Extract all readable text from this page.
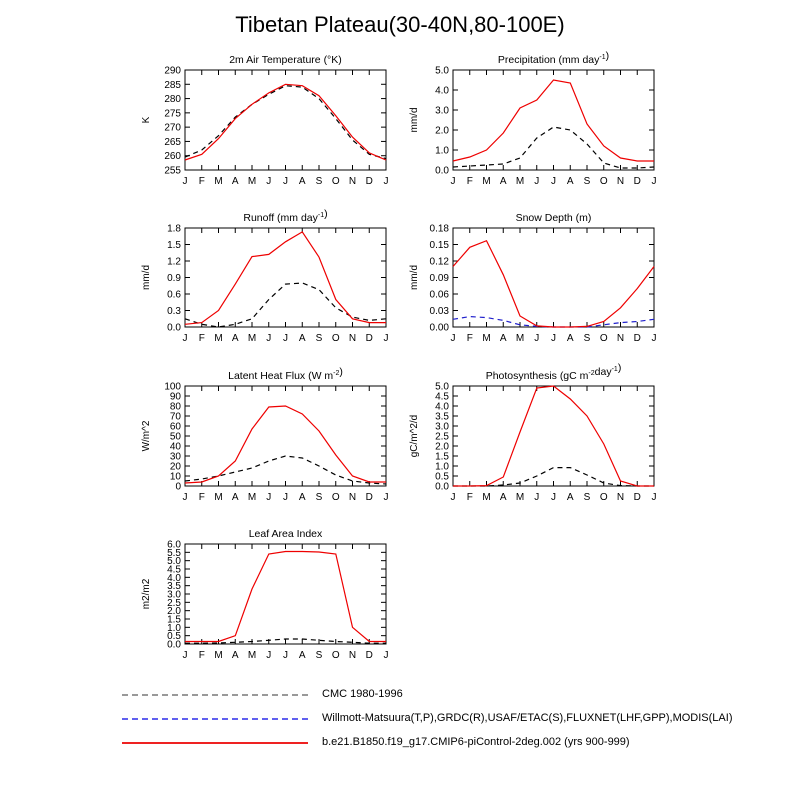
Tibetan Plateau(30-40N,80-100E)
2m Air Temperature (°K)
K
255
260
265
270
275
280
285
290
J F M A M J J A S O N D J
Precipitation (mm day$^{-1}$)
mm/d
0.0
1.0
2.0
3.0
4.0
5.0
J F M A M J J A S O N D J
Runoff (mm day$^{-1}$)
mm/d
0.0
0.3
0.6
0.9
1.2
1.5
1.8
J F M A M J J A S O N D J
Snow Depth (m)
mm/d
0.00
0.03
0.06
0.09
0.12
0.15
0.18
J F M A M J J A S O N D J
Latent Heat Flux (W $m^{-2}$)
W/m^2
0
10
20
30
40
50
60
70
80
90
100
J F M A M J J A S O N D J
Photosynthesis (gC $m^{-2}day^{-1}$)
gC/m^2/d
0.0
0.5
1.0
1.5
2.0
2.5
3.0
3.5
4.0
4.5
5.0
J F M A M J J A S O N D J
Leaf Area Index
m2/m2
0.0
0.5
1.0
1.5
2.0
2.5
3.0
3.5
4.0
4.5
5.0
5.5
6.0
J F M A M J J A S O N D J
CMC 1980-1996
Willmott-Matsuura(T,P),GRDC(R),USAF/ETAC(S),FLUXNET(LHF,GPP),MODIS(LAI)
b.e21.B1850.f19_g17.CMIP6-piControl-2deg.002 (yrs 900-999)
